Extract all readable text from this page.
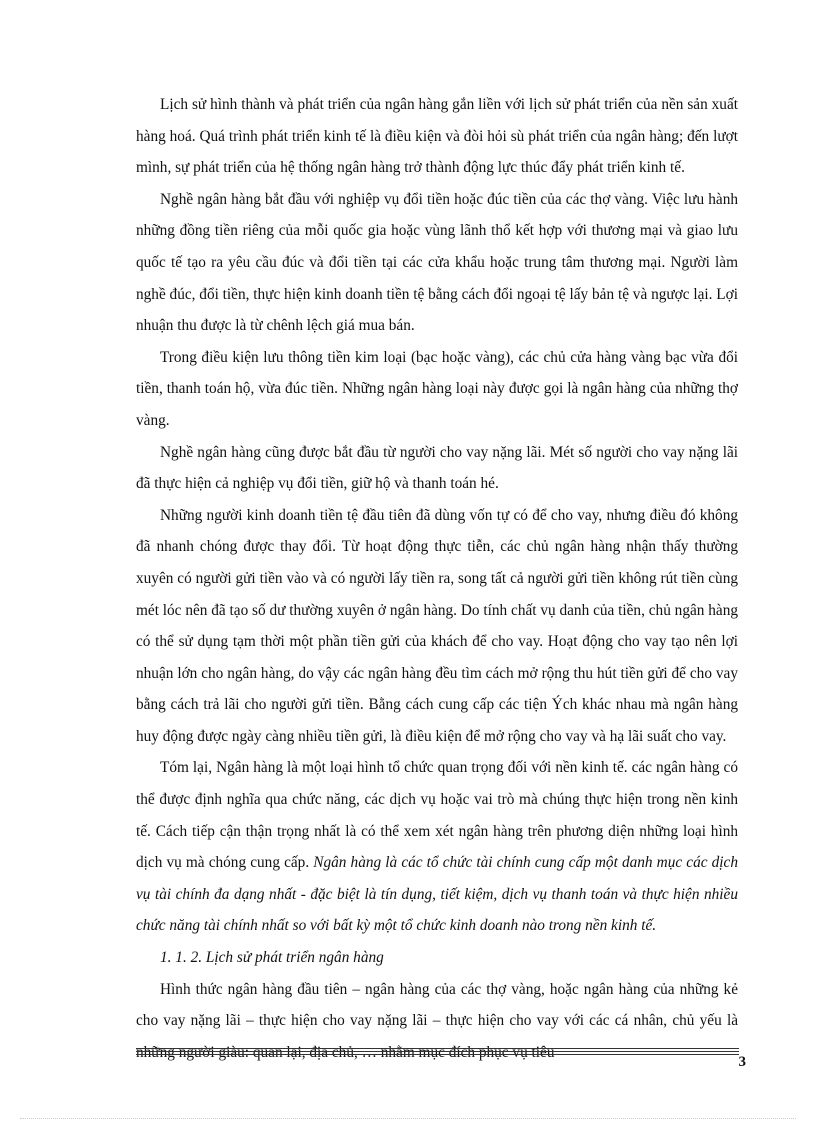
Lịch sử hình thành và phát triển của ngân hàng gắn liền với lịch sử phát triển của nền sản xuất hàng hoá. Quá trình phát triển kinh tế là điều kiện và đòi hỏi sù phát triển của ngân hàng; đến lượt mình, sự phát triển của hệ thống ngân hàng trở thành động lực thúc đẩy phát triển kinh tế.

Nghề ngân hàng bắt đầu với nghiệp vụ đổi tiền hoặc đúc tiền của các thợ vàng. Việc lưu hành những đồng tiền riêng của mỗi quốc gia hoặc vùng lãnh thổ kết hợp với thương mại và giao lưu quốc tế tạo ra yêu cầu đúc và đổi tiền tại các cửa khẩu hoặc trung tâm thương mại. Người làm nghề đúc, đổi tiền, thực hiện kinh doanh tiền tệ bằng cách đổi ngoại tệ lấy bản tệ và ngược lại. Lợi nhuận thu được là từ chênh lệch giá mua bán.

Trong điều kiện lưu thông tiền kim loại (bạc hoặc vàng), các chủ cửa hàng vàng bạc vừa đổi tiền, thanh toán hộ, vừa đúc tiền. Những ngân hàng loại này được gọi là ngân hàng của những thợ vàng.

Nghề ngân hàng cũng được bắt đầu từ người cho vay nặng lãi. Mét số người cho vay nặng lãi đã thực hiện cả nghiệp vụ đổi tiền, giữ hộ và thanh toán hé.

Những người kinh doanh tiền tệ đầu tiên đã dùng vốn tự có để cho vay, nhưng điều đó không đã nhanh chóng được thay đổi. Từ hoạt động thực tiễn, các chủ ngân hàng nhận thấy thường xuyên có người gửi tiền vào và có người lấy tiền ra, song tất cả người gửi tiền không rút tiền cùng mét lóc nên đã tạo số dư thường xuyên ở ngân hàng. Do tính chất vụ danh của tiền, chủ ngân hàng có thể sử dụng tạm thời một phần tiền gửi của khách để cho vay. Hoạt động cho vay tạo nên lợi nhuận lớn cho ngân hàng, do vậy các ngân hàng đều tìm cách mở rộng thu hút tiền gửi để cho vay bằng cách trả lãi cho người gửi tiền. Bằng cách cung cấp các tiện Ých khác nhau mà ngân hàng huy động được ngày càng nhiều tiền gửi, là điều kiện để mở rộng cho vay và hạ lãi suất cho vay.

Tóm lại, Ngân hàng là một loại hình tổ chức quan trọng đối với nền kinh tế. các ngân hàng có thể được định nghĩa qua chức năng, các dịch vụ hoặc vai trò mà chúng thực hiện trong nền kinh tế. Cách tiếp cận thận trọng nhất là có thể xem xét ngân hàng trên phương diện những loại hình dịch vụ mà chóng cung cấp. Ngân hàng là các tổ chức tài chính cung cấp một danh mục các dịch vụ tài chính đa dạng nhất - đặc biệt là tín dụng, tiết kiệm, dịch vụ thanh toán và thực hiện nhiều chức năng tài chính nhất so với bất kỳ một tổ chức kinh doanh nào trong nền kinh tế.

1. 1. 2. Lịch sử phát triển ngân hàng

Hình thức ngân hàng đầu tiên – ngân hàng của các thợ vàng, hoặc ngân hàng của những kẻ cho vay nặng lãi – thực hiện cho vay nặng lãi – thực hiện cho vay với các cá nhân, chủ yếu là những người giàu: quan lại, địa chủ, … nhằm mục đích phục vụ tiêu

3
